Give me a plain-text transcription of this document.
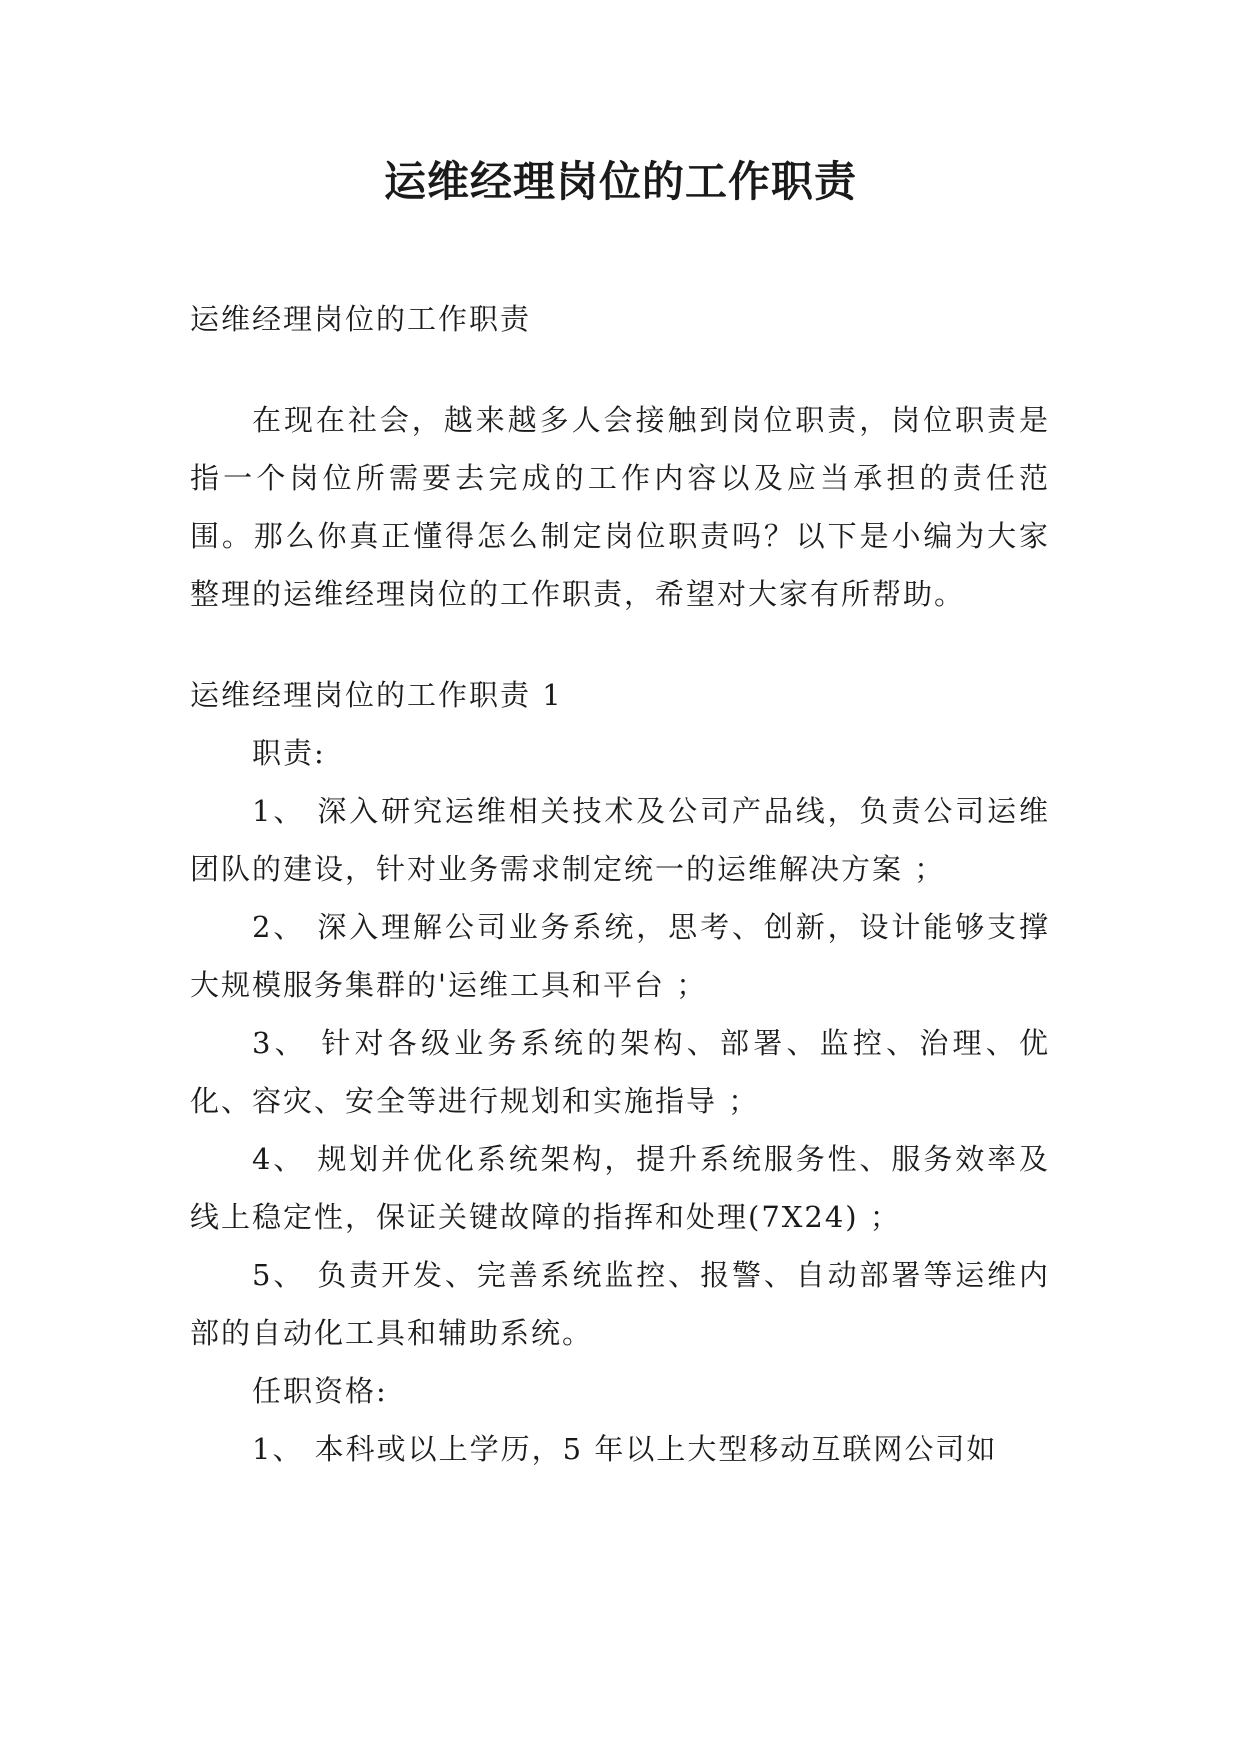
运维经理岗位的工作职责

运维经理岗位的工作职责

在现在社会，越来越多人会接触到岗位职责，岗位职责是指一个岗位所需要去完成的工作内容以及应当承担的责任范围。那么你真正懂得怎么制定岗位职责吗？以下是小编为大家整理的运维经理岗位的工作职责，希望对大家有所帮助。

运维经理岗位的工作职责 1

职责:

1、 深入研究运维相关技术及公司产品线，负责公司运维团队的建设，针对业务需求制定统一的运维解决方案 ；

2、 深入理解公司业务系统，思考、创新，设计能够支撑大规模服务集群的'运维工具和平台 ；

3、 针对各级业务系统的架构、部署、监控、治理、优化、容灾、安全等进行规划和实施指导 ；

4、 规划并优化系统架构，提升系统服务性、服务效率及线上稳定性，保证关键故障的指挥和处理(7X24) ；

5、 负责开发、完善系统监控、报警、自动部署等运维内部的自动化工具和辅助系统。

任职资格:

1、 本科或以上学历，5 年以上大型移动互联网公司如
